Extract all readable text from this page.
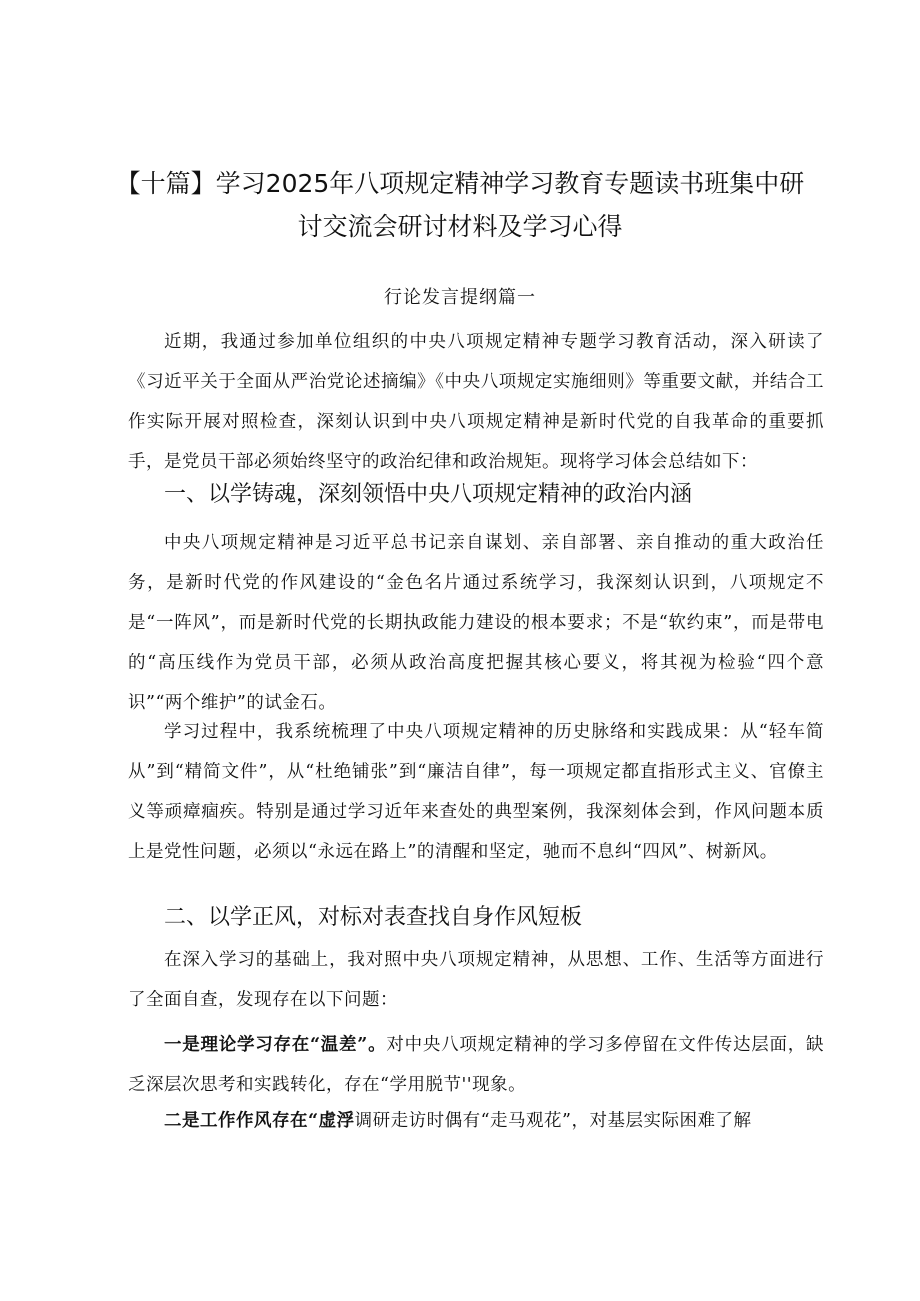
【十篇】学习2025年八项规定精神学习教育专题读书班集中研
讨交流会研讨材料及学习心得
行论发言提纲篇一

近期，我通过参加单位组织的中央八项规定精神专题学习教育活动，深入研读了《习近平关于全面从严治党论述摘编》《中央八项规定实施细则》等重要文献，并结合工作实际开展对照检查，深刻认识到中央八项规定精神是新时代党的自我革命的重要抓手，是党员干部必须始终坚守的政治纪律和政治规矩。现将学习体会总结如下：

一、以学铸魂，深刻领悟中央八项规定精神的政治内涵

中央八项规定精神是习近平总书记亲自谋划、亲自部署、亲自推动的重大政治任务，是新时代党的作风建设的“金色名片通过系统学习，我深刻认识到，八项规定不是“一阵风”，而是新时代党的长期执政能力建设的根本要求；不是“软约束”，而是带电的“高压线作为党员干部，必须从政治高度把握其核心要义，将其视为检验“四个意识”“两个维护”的试金石。

学习过程中，我系统梳理了中央八项规定精神的历史脉络和实践成果：从“轻车简从”到“精简文件”，从“杜绝铺张”到“廉洁自律”，每一项规定都直指形式主义、官僚主义等顽瘴痼疾。特别是通过学习近年来查处的典型案例，我深刻体会到，作风问题本质上是党性问题，必须以“永远在路上”的清醒和坚定，驰而不息纠“四风”、树新风。

二、以学正风，对标对表查找自身作风短板

在深入学习的基础上，我对照中央八项规定精神，从思想、工作、生活等方面进行了全面自查，发现存在以下问题：

一是理论学习存在“温差”。对中央八项规定精神的学习多停留在文件传达层面，缺乏深层次思考和实践转化，存在“学用脱节''现象。

二是工作作风存在“虚浮调研走访时偶有“走马观花”，对基层实际困难了解
